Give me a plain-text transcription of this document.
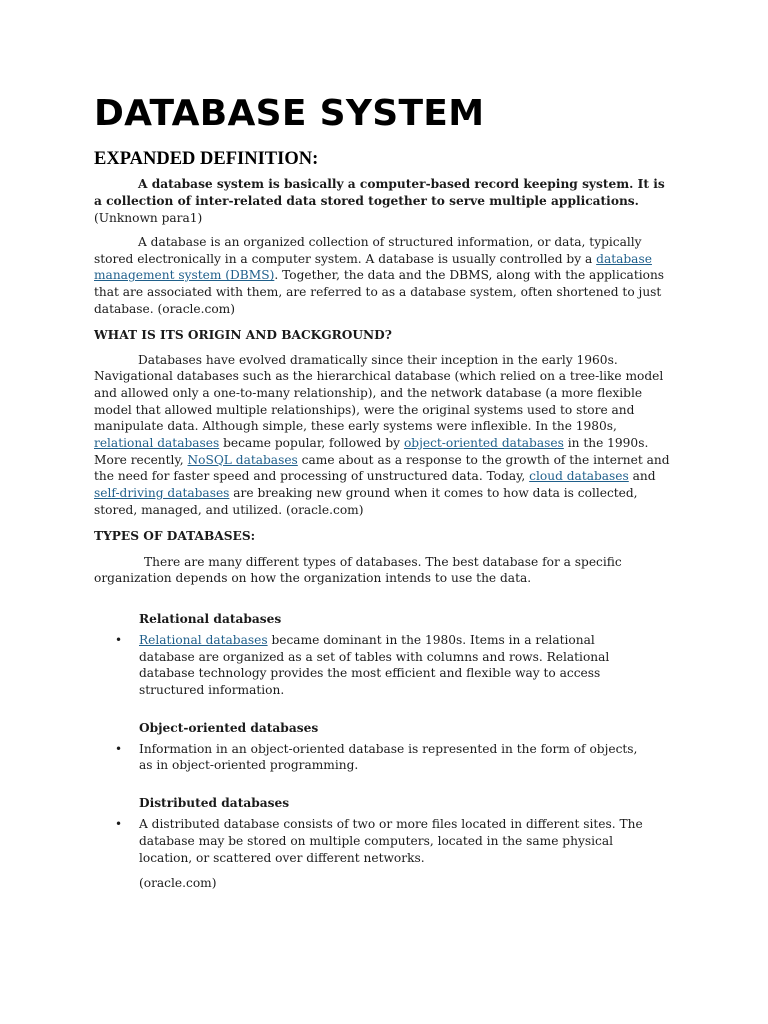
DATABASE SYSTEM
EXPANDED DEFINITION:

A database system is basically a computer-based record keeping system. It is a collection of inter-related data stored together to serve multiple applications. (Unknown para1)

A database is an organized collection of structured information, or data, typically stored electronically in a computer system. A database is usually controlled by a database management system (DBMS). Together, the data and the DBMS, along with the applications that are associated with them, are referred to as a database system, often shortened to just database. (oracle.com)

WHAT IS ITS ORIGIN AND BACKGROUND?

Databases have evolved dramatically since their inception in the early 1960s. Navigational databases such as the hierarchical database (which relied on a tree-like model and allowed only a one-to-many relationship), and the network database (a more flexible model that allowed multiple relationships), were the original systems used to store and manipulate data. Although simple, these early systems were inflexible. In the 1980s, relational databases became popular, followed by object-oriented databases in the 1990s. More recently, NoSQL databases came about as a response to the growth of the internet and the need for faster speed and processing of unstructured data. Today, cloud databases and self-driving databases are breaking new ground when it comes to how data is collected, stored, managed, and utilized. (oracle.com)

TYPES OF DATABASES:

There are many different types of databases. The best database for a specific organization depends on how the organization intends to use the data.

Relational databases

• Relational databases became dominant in the 1980s. Items in a relational database are organized as a set of tables with columns and rows. Relational database technology provides the most efficient and flexible way to access structured information.

Object-oriented databases

• Information in an object-oriented database is represented in the form of objects, as in object-oriented programming.

Distributed databases

• A distributed database consists of two or more files located in different sites. The database may be stored on multiple computers, located in the same physical location, or scattered over different networks.

(oracle.com)
